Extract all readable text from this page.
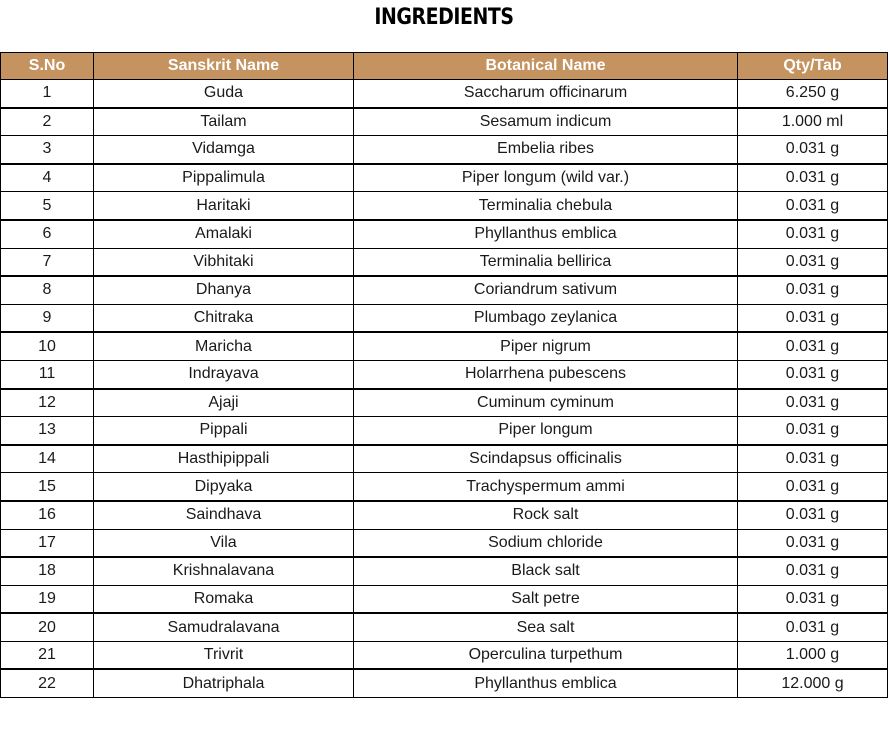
INGREDIENTS
S.No	Sanskrit Name	Botanical Name	Qty/Tab
1	Guda	Saccharum officinarum	6.250 g
2	Tailam	Sesamum indicum	1.000 ml
3	Vidamga	Embelia ribes	0.031 g
4	Pippalimula	Piper longum (wild var.)	0.031 g
5	Haritaki	Terminalia chebula	0.031 g
6	Amalaki	Phyllanthus emblica	0.031 g
7	Vibhitaki	Terminalia bellirica	0.031 g
8	Dhanya	Coriandrum sativum	0.031 g
9	Chitraka	Plumbago zeylanica	0.031 g
10	Maricha	Piper nigrum	0.031 g
11	Indrayava	Holarrhena pubescens	0.031 g
12	Ajaji	Cuminum cyminum	0.031 g
13	Pippali	Piper longum	0.031 g
14	Hasthipippali	Scindapsus officinalis	0.031 g
15	Dipyaka	Trachyspermum ammi	0.031 g
16	Saindhava	Rock salt	0.031 g
17	Vila	Sodium chloride	0.031 g
18	Krishnalavana	Black salt	0.031 g
19	Romaka	Salt petre	0.031 g
20	Samudralavana	Sea salt	0.031 g
21	Trivrit	Operculina turpethum	1.000 g
22	Dhatriphala	Phyllanthus emblica	12.000 g
